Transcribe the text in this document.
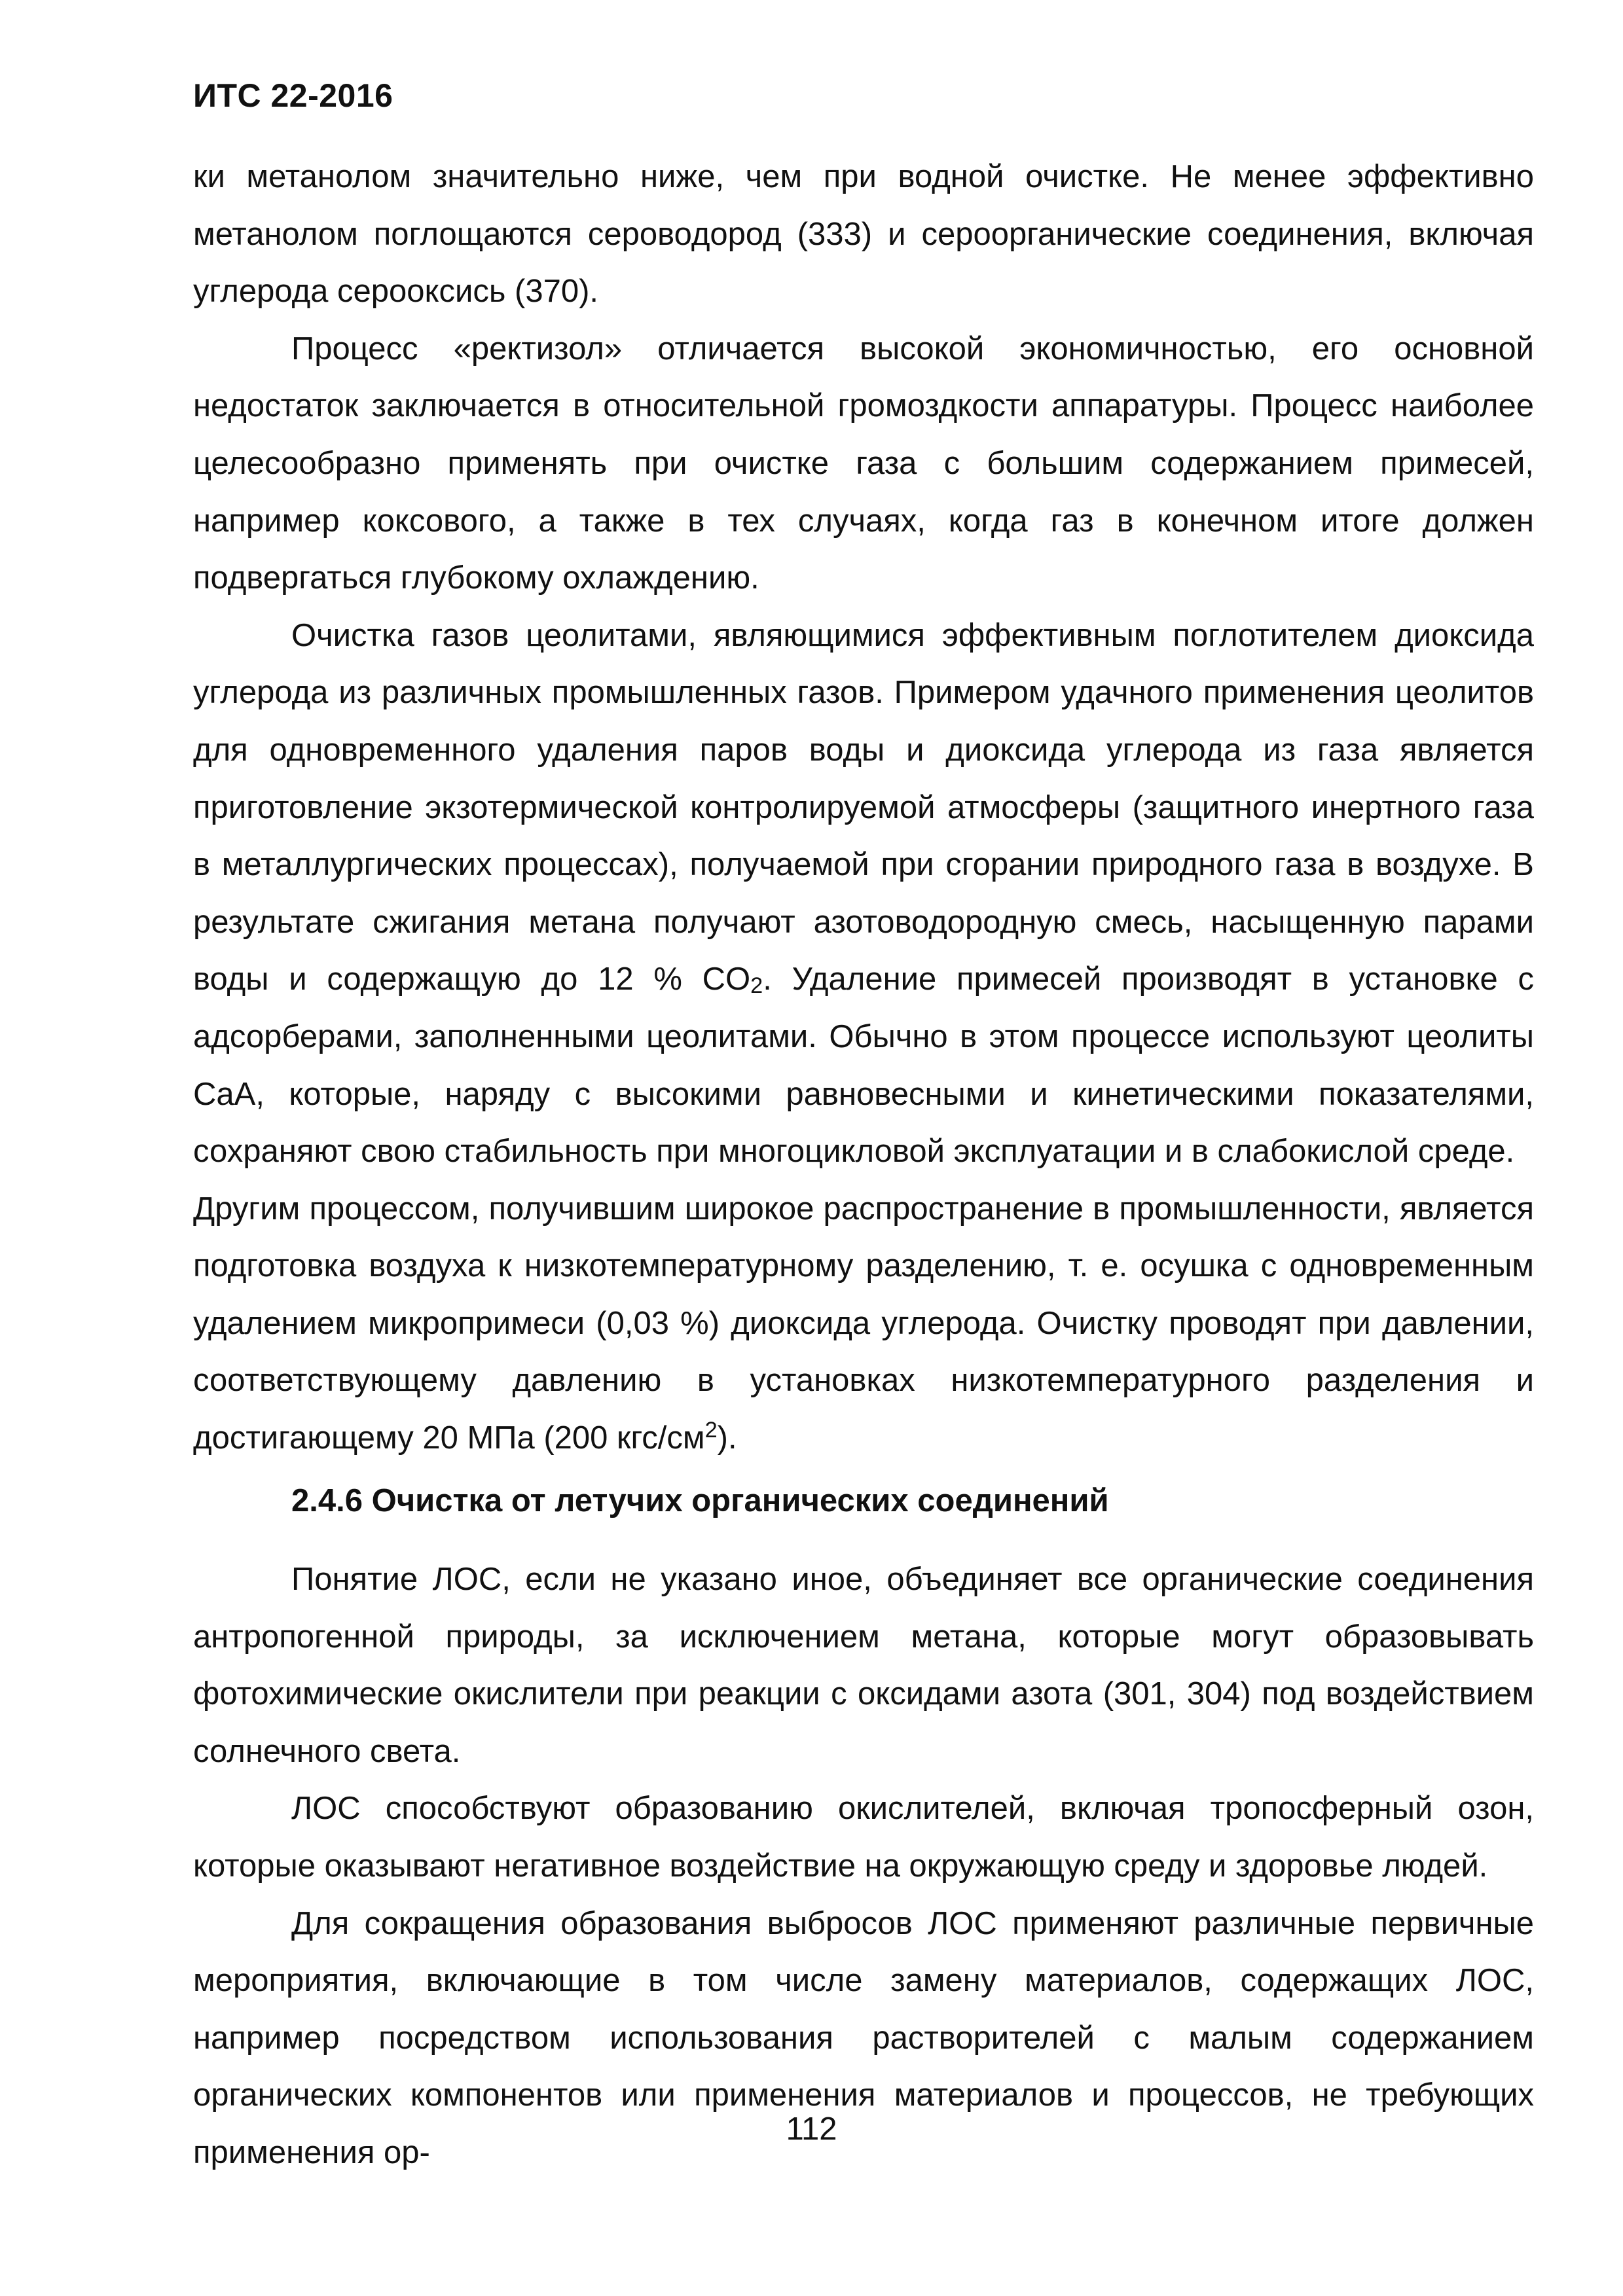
ИТС 22-2016

ки метанолом значительно ниже, чем при водной очистке. Не менее эффективно метанолом поглощаются сероводород (333) и сероорганические соединения, включая углерода серооксись (370).

Процесс «ректизол» отличается высокой экономичностью, его основной недостаток заключается в относительной громоздкости аппаратуры. Процесс наиболее целесообразно применять при очистке газа с большим содержанием примесей, например коксового, а также в тех случаях, когда газ в конечном итоге должен подвергаться глубокому охлаждению.

Очистка газов цеолитами, являющимися эффективным поглотителем диоксида углерода из различных промышленных газов. Примером удачного применения цеолитов для одновременного удаления паров воды и диоксида углерода из газа является приготовление экзотермической контролируемой атмосферы (защитного инертного газа в металлургических процессах), получаемой при сгорании природного газа в воздухе. В результате сжигания метана получают азотоводородную смесь, насыщенную парами воды и содержащую до 12 % $CO_2$. Удаление примесей производят в установке с адсорберами, заполненными цеолитами. Обычно в этом процессе используют цеолиты CaA, которые, наряду с высокими равновесными и кинетическими показателями, сохраняют свою стабильность при многоцикловой эксплуатации и в слабокислой среде.

Другим процессом, получившим широкое распространение в промышленности, является подготовка воздуха к низкотемпературному разделению, т. е. осушка с одновременным удалением микропримеси (0,03 %) диоксида углерода. Очистку проводят при давлении, соответствующему давлению в установках низкотемпературного разделения и достигающему 20 МПа (200 кгс/$см^2$).

2.4.6 Очистка от летучих органических соединений

Понятие ЛОС, если не указано иное, объединяет все органические соединения антропогенной природы, за исключением метана, которые могут образовывать фотохимические окислители при реакции с оксидами азота (301, 304) под воздействием солнечного света.

ЛОС способствуют образованию окислителей, включая тропосферный озон, которые оказывают негативное воздействие на окружающую среду и здоровье людей.

Для сокращения образования выбросов ЛОС применяют различные первичные мероприятия, включающие в том числе замену материалов, содержащих ЛОС, например посредством использования растворителей с малым содержанием органических компонентов или применения материалов и процессов, не требующих применения ор-

112
